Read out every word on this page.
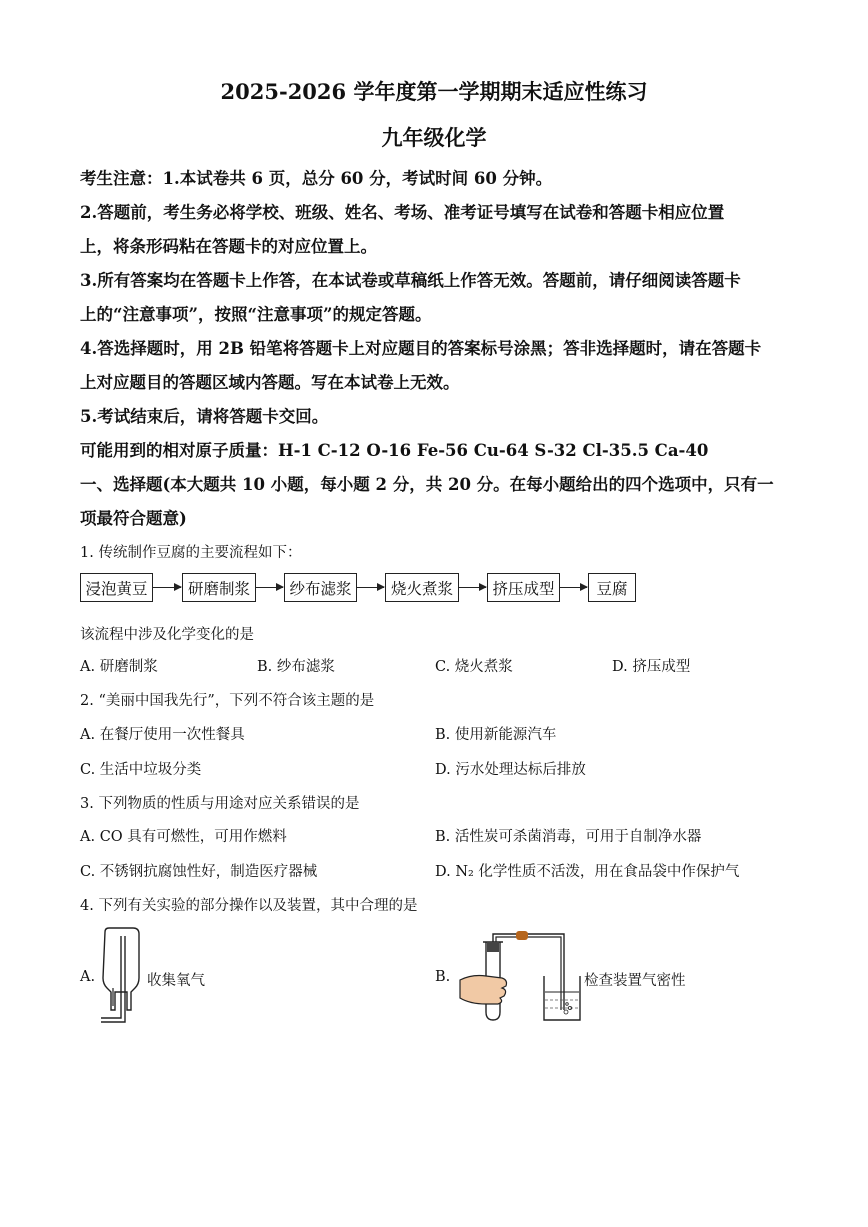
2025-2026 学年度第一学期期末适应性练习
九年级化学
考生注意：1.本试卷共 6 页，总分 60 分，考试时间 60 分钟。
2.答题前，考生务必将学校、班级、姓名、考场、准考证号填写在试卷和答题卡相应位置
上，将条形码粘在答题卡的对应位置上。
3.所有答案均在答题卡上作答，在本试卷或草稿纸上作答无效。答题前，请仔细阅读答题卡
上的“注意事项”，按照“注意事项”的规定答题。
4.答选择题时，用 2B 铅笔将答题卡上对应题目的答案标号涂黑；答非选择题时，请在答题卡
上对应题目的答题区域内答题。写在本试卷上无效。
5.考试结束后，请将答题卡交回。
可能用到的相对原子质量：H-1 C-12 O-16 Fe-56 Cu-64 S-32 Cl-35.5 Ca-40
一、选择题(本大题共 10 小题，每小题 2 分，共 20 分。在每小题给出的四个选项中，只有一
项最符合题意)
1. 传统制作豆腐的主要流程如下：
浸泡黄豆	研磨制浆	纱布滤浆	烧火煮浆	挤压成型	豆腐
该流程中涉及化学变化的是
A. 研磨制浆	B. 纱布滤浆	C. 烧火煮浆	D. 挤压成型
2. “美丽中国我先行”，下列不符合该主题的是
A. 在餐厅使用一次性餐具	B. 使用新能源汽车
C. 生活中垃圾分类	D. 污水处理达标后排放
3. 下列物质的性质与用途对应关系错误的是
A. CO 具有可燃性，可用作燃料	B. 活性炭可杀菌消毒，可用于自制净水器
C. 不锈钢抗腐蚀性好，制造医疗器械	D. N₂ 化学性质不活泼，用在食品袋中作保护气
4. 下列有关实验的部分操作以及装置，其中合理的是
A.	收集氧气	B.	检查装置气密性
